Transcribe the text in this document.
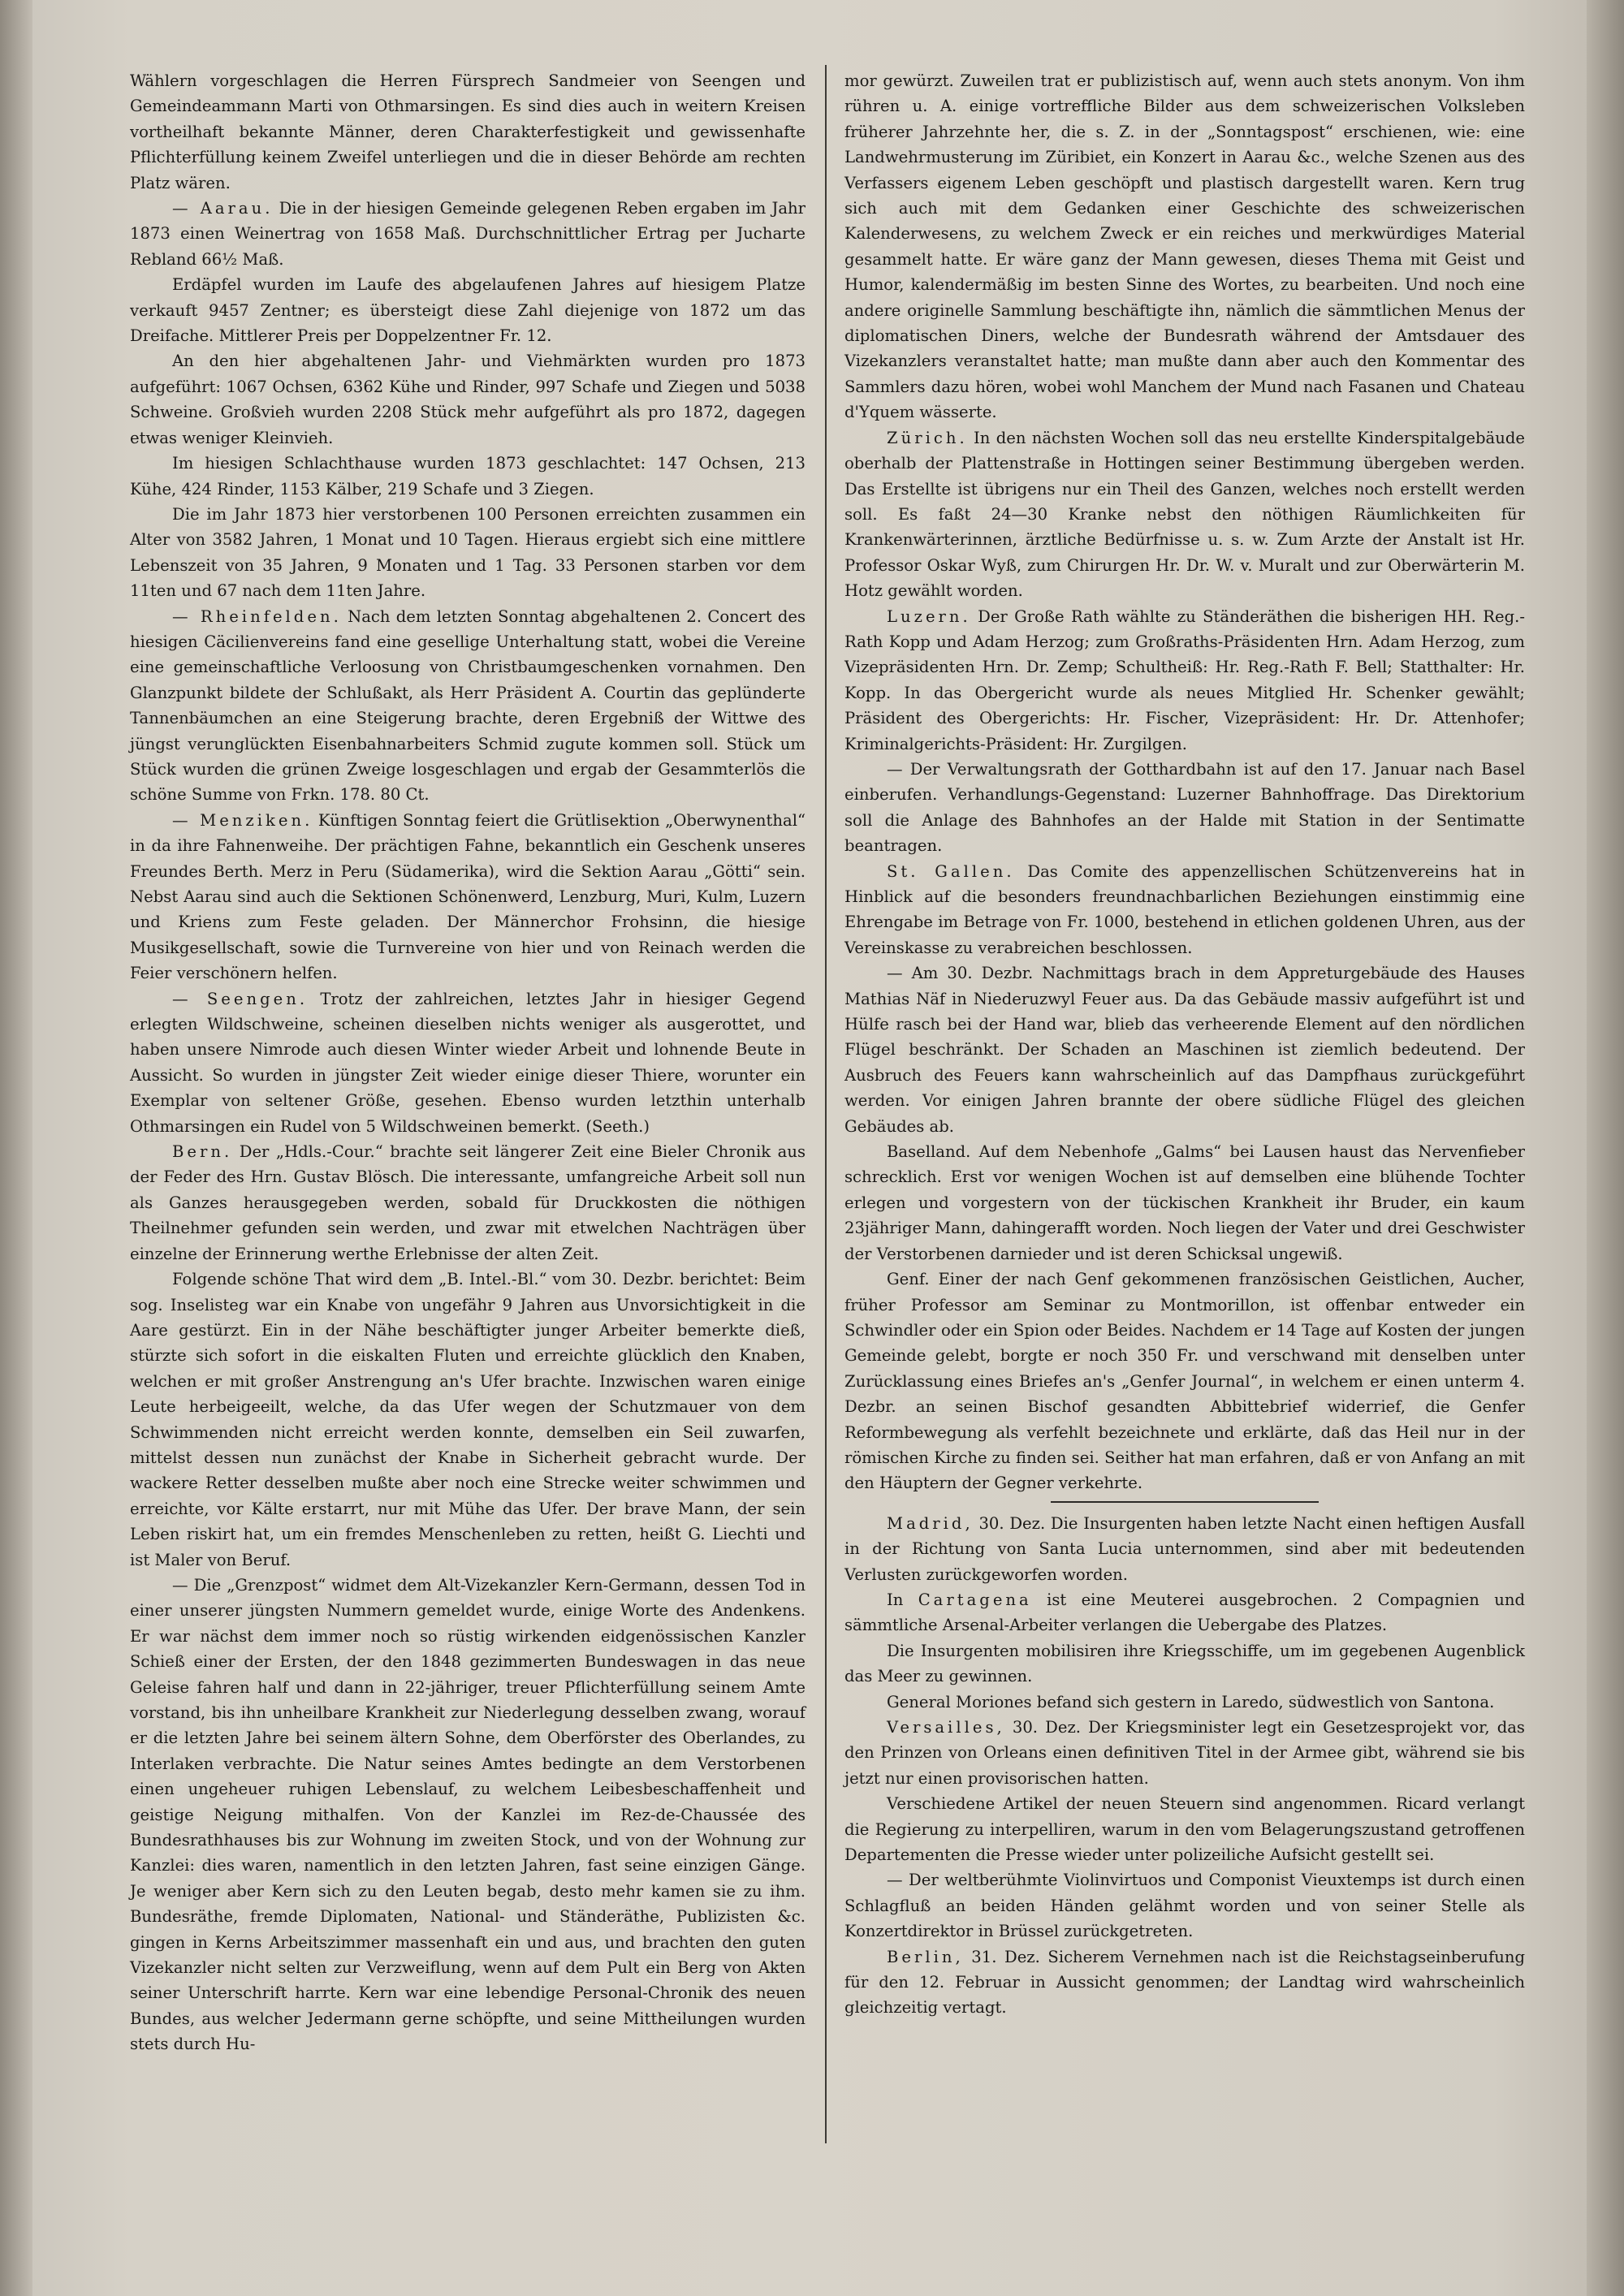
Wählern vorgeschlagen die Herren Fürsprech Sandmeier von Seengen und Gemeindeammann Marti von Othmarsingen. Es sind dies auch in weitern Kreisen vortheilhaft bekannte Männer, deren Charakterfestigkeit und gewissenhafte Pflichterfüllung keinem Zweifel unterliegen und die in dieser Behörde am rechten Platz wären.

— Aarau. Die in der hiesigen Gemeinde gelegenen Reben ergaben im Jahr 1873 einen Weinertrag von 1658 Maß. Durchschnittlicher Ertrag per Jucharte Rebland 66½ Maß.

Erdäpfel wurden im Laufe des abgelaufenen Jahres auf hiesigem Platze verkauft 9457 Zentner; es übersteigt diese Zahl diejenige von 1872 um das Dreifache. Mittlerer Preis per Doppelzentner Fr. 12.

An den hier abgehaltenen Jahr- und Viehmärkten wurden pro 1873 aufgeführt: 1067 Ochsen, 6362 Kühe und Rinder, 997 Schafe und Ziegen und 5038 Schweine. Großvieh wurden 2208 Stück mehr aufgeführt als pro 1872, dagegen etwas weniger Kleinvieh.

Im hiesigen Schlachthause wurden 1873 geschlachtet: 147 Ochsen, 213 Kühe, 424 Rinder, 1153 Kälber, 219 Schafe und 3 Ziegen.

Die im Jahr 1873 hier verstorbenen 100 Personen erreichten zusammen ein Alter von 3582 Jahren, 1 Monat und 10 Tagen. Hieraus ergiebt sich eine mittlere Lebenszeit von 35 Jahren, 9 Monaten und 1 Tag. 33 Personen starben vor dem 11ten und 67 nach dem 11ten Jahre.

— Rheinfelden. Nach dem letzten Sonntag abgehaltenen 2. Concert des hiesigen Cäcilienvereins fand eine gesellige Unterhaltung statt, wobei die Vereine eine gemeinschaftliche Verloosung von Christbaumgeschenken vornahmen. Den Glanzpunkt bildete der Schlußakt, als Herr Präsident A. Courtin das geplünderte Tannenbäumchen an eine Steigerung brachte, deren Ergebniß der Wittwe des jüngst verunglückten Eisenbahnarbeiters Schmid zugute kommen soll. Stück um Stück wurden die grünen Zweige losgeschlagen und ergab der Gesammterlös die schöne Summe von Frkn. 178. 80 Ct.

— Menziken. Künftigen Sonntag feiert die Grütlisektion „Oberwynenthal“ in da ihre Fahnenweihe. Der prächtigen Fahne, bekanntlich ein Geschenk unseres Freundes Berth. Merz in Peru (Südamerika), wird die Sektion Aarau „Götti“ sein. Nebst Aarau sind auch die Sektionen Schönenwerd, Lenzburg, Muri, Kulm, Luzern und Kriens zum Feste geladen. Der Männerchor Frohsinn, die hiesige Musikgesellschaft, sowie die Turnvereine von hier und von Reinach werden die Feier verschönern helfen.

— Seengen. Trotz der zahlreichen, letztes Jahr in hiesiger Gegend erlegten Wildschweine, scheinen dieselben nichts weniger als ausgerottet, und haben unsere Nimrode auch diesen Winter wieder Arbeit und lohnende Beute in Aussicht. So wurden in jüngster Zeit wieder einige dieser Thiere, worunter ein Exemplar von seltener Größe, gesehen. Ebenso wurden letzthin unterhalb Othmarsingen ein Rudel von 5 Wildschweinen bemerkt. (Seeth.)

Bern. Der „Hdls.-Cour.“ brachte seit längerer Zeit eine Bieler Chronik aus der Feder des Hrn. Gustav Blösch. Die interessante, umfangreiche Arbeit soll nun als Ganzes herausgegeben werden, sobald für Druckkosten die nöthigen Theilnehmer gefunden sein werden, und zwar mit etwelchen Nachträgen über einzelne der Erinnerung werthe Erlebnisse der alten Zeit.

Folgende schöne That wird dem „B. Intel.-Bl.“ vom 30. Dezbr. berichtet: Beim sog. Inselisteg war ein Knabe von ungefähr 9 Jahren aus Unvorsichtigkeit in die Aare gestürzt. Ein in der Nähe beschäftigter junger Arbeiter bemerkte dieß, stürzte sich sofort in die eiskalten Fluten und erreichte glücklich den Knaben, welchen er mit großer Anstrengung an's Ufer brachte. Inzwischen waren einige Leute herbeigeeilt, welche, da das Ufer wegen der Schutzmauer von dem Schwimmenden nicht erreicht werden konnte, demselben ein Seil zuwarfen, mittelst dessen nun zunächst der Knabe in Sicherheit gebracht wurde. Der wackere Retter desselben mußte aber noch eine Strecke weiter schwimmen und erreichte, vor Kälte erstarrt, nur mit Mühe das Ufer. Der brave Mann, der sein Leben riskirt hat, um ein fremdes Menschenleben zu retten, heißt G. Liechti und ist Maler von Beruf.

— Die „Grenzpost“ widmet dem Alt-Vizekanzler Kern-Germann, dessen Tod in einer unserer jüngsten Nummern gemeldet wurde, einige Worte des Andenkens. Er war nächst dem immer noch so rüstig wirkenden eidgenössischen Kanzler Schieß einer der Ersten, der den 1848 gezimmerten Bundeswagen in das neue Geleise fahren half und dann in 22-jähriger, treuer Pflichterfüllung seinem Amte vorstand, bis ihn unheilbare Krankheit zur Niederlegung desselben zwang, worauf er die letzten Jahre bei seinem ältern Sohne, dem Oberförster des Oberlandes, zu Interlaken verbrachte. Die Natur seines Amtes bedingte an dem Verstorbenen einen ungeheuer ruhigen Lebenslauf, zu welchem Leibesbeschaffenheit und geistige Neigung mithalfen. Von der Kanzlei im Rez-de-Chaussée des Bundesrathhauses bis zur Wohnung im zweiten Stock, und von der Wohnung zur Kanzlei: dies waren, namentlich in den letzten Jahren, fast seine einzigen Gänge. Je weniger aber Kern sich zu den Leuten begab, desto mehr kamen sie zu ihm. Bundesräthe, fremde Diplomaten, National- und Ständeräthe, Publizisten &c. gingen in Kerns Arbeitszimmer massenhaft ein und aus, und brachten den guten Vizekanzler nicht selten zur Verzweiflung, wenn auf dem Pult ein Berg von Akten seiner Unterschrift harrte. Kern war eine lebendige Personal-Chronik des neuen Bundes, aus welcher Jedermann gerne schöpfte, und seine Mittheilungen wurden stets durch Hu-

mor gewürzt. Zuweilen trat er publizistisch auf, wenn auch stets anonym. Von ihm rühren u. A. einige vortreffliche Bilder aus dem schweizerischen Volksleben früherer Jahrzehnte her, die s. Z. in der „Sonntagspost“ erschienen, wie: eine Landwehrmusterung im Züribiet, ein Konzert in Aarau &c., welche Szenen aus des Verfassers eigenem Leben geschöpft und plastisch dargestellt waren. Kern trug sich auch mit dem Gedanken einer Geschichte des schweizerischen Kalenderwesens, zu welchem Zweck er ein reiches und merkwürdiges Material gesammelt hatte. Er wäre ganz der Mann gewesen, dieses Thema mit Geist und Humor, kalendermäßig im besten Sinne des Wortes, zu bearbeiten. Und noch eine andere originelle Sammlung beschäftigte ihn, nämlich die sämmtlichen Menus der diplomatischen Diners, welche der Bundesrath während der Amtsdauer des Vizekanzlers veranstaltet hatte; man mußte dann aber auch den Kommentar des Sammlers dazu hören, wobei wohl Manchem der Mund nach Fasanen und Chateau d'Yquem wässerte.

Zürich. In den nächsten Wochen soll das neu erstellte Kinderspitalgebäude oberhalb der Plattenstraße in Hottingen seiner Bestimmung übergeben werden. Das Erstellte ist übrigens nur ein Theil des Ganzen, welches noch erstellt werden soll. Es faßt 24—30 Kranke nebst den nöthigen Räumlichkeiten für Krankenwärterinnen, ärztliche Bedürfnisse u. s. w. Zum Arzte der Anstalt ist Hr. Professor Oskar Wyß, zum Chirurgen Hr. Dr. W. v. Muralt und zur Oberwärterin M. Hotz gewählt worden.

Luzern. Der Große Rath wählte zu Ständeräthen die bisherigen HH. Reg.-Rath Kopp und Adam Herzog; zum Großraths-Präsidenten Hrn. Adam Herzog, zum Vizepräsidenten Hrn. Dr. Zemp; Schultheiß: Hr. Reg.-Rath F. Bell; Statthalter: Hr. Kopp. In das Obergericht wurde als neues Mitglied Hr. Schenker gewählt; Präsident des Obergerichts: Hr. Fischer, Vizepräsident: Hr. Dr. Attenhofer; Kriminalgerichts-Präsident: Hr. Zurgilgen.

— Der Verwaltungsrath der Gotthardbahn ist auf den 17. Januar nach Basel einberufen. Verhandlungs-Gegenstand: Luzerner Bahnhoffrage. Das Direktorium soll die Anlage des Bahnhofes an der Halde mit Station in der Sentimatte beantragen.

St. Gallen. Das Comite des appenzellischen Schützenvereins hat in Hinblick auf die besonders freundnachbarlichen Beziehungen einstimmig eine Ehrengabe im Betrage von Fr. 1000, bestehend in etlichen goldenen Uhren, aus der Vereinskasse zu verabreichen beschlossen.

— Am 30. Dezbr. Nachmittags brach in dem Appreturgebäude des Hauses Mathias Näf in Niederuzwyl Feuer aus. Da das Gebäude massiv aufgeführt ist und Hülfe rasch bei der Hand war, blieb das verheerende Element auf den nördlichen Flügel beschränkt. Der Schaden an Maschinen ist ziemlich bedeutend. Der Ausbruch des Feuers kann wahrscheinlich auf das Dampfhaus zurückgeführt werden. Vor einigen Jahren brannte der obere südliche Flügel des gleichen Gebäudes ab.

Baselland. Auf dem Nebenhofe „Galms“ bei Lausen haust das Nervenfieber schrecklich. Erst vor wenigen Wochen ist auf demselben eine blühende Tochter erlegen und vorgestern von der tückischen Krankheit ihr Bruder, ein kaum 23jähriger Mann, dahingerafft worden. Noch liegen der Vater und drei Geschwister der Verstorbenen darnieder und ist deren Schicksal ungewiß.

Genf. Einer der nach Genf gekommenen französischen Geistlichen, Aucher, früher Professor am Seminar zu Montmorillon, ist offenbar entweder ein Schwindler oder ein Spion oder Beides. Nachdem er 14 Tage auf Kosten der jungen Gemeinde gelebt, borgte er noch 350 Fr. und verschwand mit denselben unter Zurücklassung eines Briefes an's „Genfer Journal“, in welchem er einen unterm 4. Dezbr. an seinen Bischof gesandten Abbittebrief widerrief, die Genfer Reformbewegung als verfehlt bezeichnete und erklärte, daß das Heil nur in der römischen Kirche zu finden sei. Seither hat man erfahren, daß er von Anfang an mit den Häuptern der Gegner verkehrte.

Madrid, 30. Dez. Die Insurgenten haben letzte Nacht einen heftigen Ausfall in der Richtung von Santa Lucia unternommen, sind aber mit bedeutenden Verlusten zurückgeworfen worden.

In Cartagena ist eine Meuterei ausgebrochen. 2 Compagnien und sämmtliche Arsenal-Arbeiter verlangen die Uebergabe des Platzes.

Die Insurgenten mobilisiren ihre Kriegsschiffe, um im gegebenen Augenblick das Meer zu gewinnen.

General Moriones befand sich gestern in Laredo, südwestlich von Santona.

Versailles, 30. Dez. Der Kriegsminister legt ein Gesetzesprojekt vor, das den Prinzen von Orleans einen definitiven Titel in der Armee gibt, während sie bis jetzt nur einen provisorischen hatten.

Verschiedene Artikel der neuen Steuern sind angenommen. Ricard verlangt die Regierung zu interpelliren, warum in den vom Belagerungszustand getroffenen Departementen die Presse wieder unter polizeiliche Aufsicht gestellt sei.

— Der weltberühmte Violinvirtuos und Componist Vieuxtemps ist durch einen Schlagfluß an beiden Händen gelähmt worden und von seiner Stelle als Konzertdirektor in Brüssel zurückgetreten.

Berlin, 31. Dez. Sicherem Vernehmen nach ist die Reichstagseinberufung für den 12. Februar in Aussicht genommen; der Landtag wird wahrscheinlich gleichzeitig vertagt.
